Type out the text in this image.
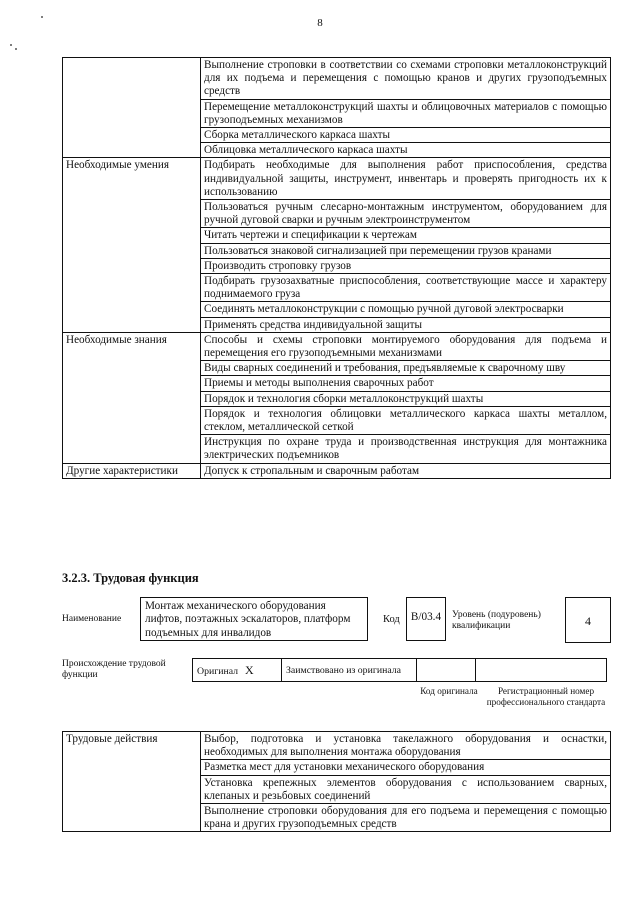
8
	Выполнение строповки в соответствии со схемами строповки металлоконструкций для их подъема и перемещения с помощью кранов и других грузоподъемных средств
	Перемещение металлоконструкций шахты и облицовочных материалов с помощью грузоподъемных механизмов
	Сборка металлического каркаса шахты
	Облицовка металлического каркаса шахты
Необходимые умения	Подбирать необходимые для выполнения работ приспособления, средства индивидуальной защиты, инструмент, инвентарь и проверять пригодность их к использованию
	Пользоваться ручным слесарно-монтажным инструментом, оборудованием для ручной дуговой сварки и ручным электроинструментом
	Читать чертежи и спецификации к чертежам
	Пользоваться знаковой сигнализацией при перемещении грузов кранами
	Производить строповку грузов
	Подбирать грузозахватные приспособления, соответствующие массе и характеру поднимаемого груза
	Соединять металлоконструкции с помощью ручной дуговой электросварки
	Применять средства индивидуальной защиты
Необходимые знания	Способы и схемы строповки монтируемого оборудования для подъема и перемещения его грузоподъемными механизмами
	Виды сварных соединений и требования, предъявляемые к сварочному шву
	Приемы и методы выполнения сварочных работ
	Порядок и технология сборки металлоконструкций шахты
	Порядок и технология облицовки металлического каркаса шахты металлом, стеклом, металлической сеткой
	Инструкция по охране труда и производственная инструкция для монтажника электрических подъемников
Другие характеристики	Допуск к стропальным и сварочным работам
3.2.3. Трудовая функция
Наименование
Монтаж механического оборудования лифтов, поэтажных эскалаторов, платформ подъемных для инвалидов
Код B/03.4	Уровень (подуровень) квалификации	4
Происхождение трудовой функции	Оригинал X	Заимствовано из оригинала		
Код оригинала	Регистрационный номер профессионального стандарта
Трудовые действия	Выбор, подготовка и установка такелажного оборудования и оснастки, необходимых для выполнения монтажа оборудования
Разметка мест для установки механического оборудования
Установка крепежных элементов оборудования с использованием сварных, клепаных и резьбовых соединений
Выполнение строповки оборудования для его подъема и перемещения с помощью крана и других грузоподъемных средств
